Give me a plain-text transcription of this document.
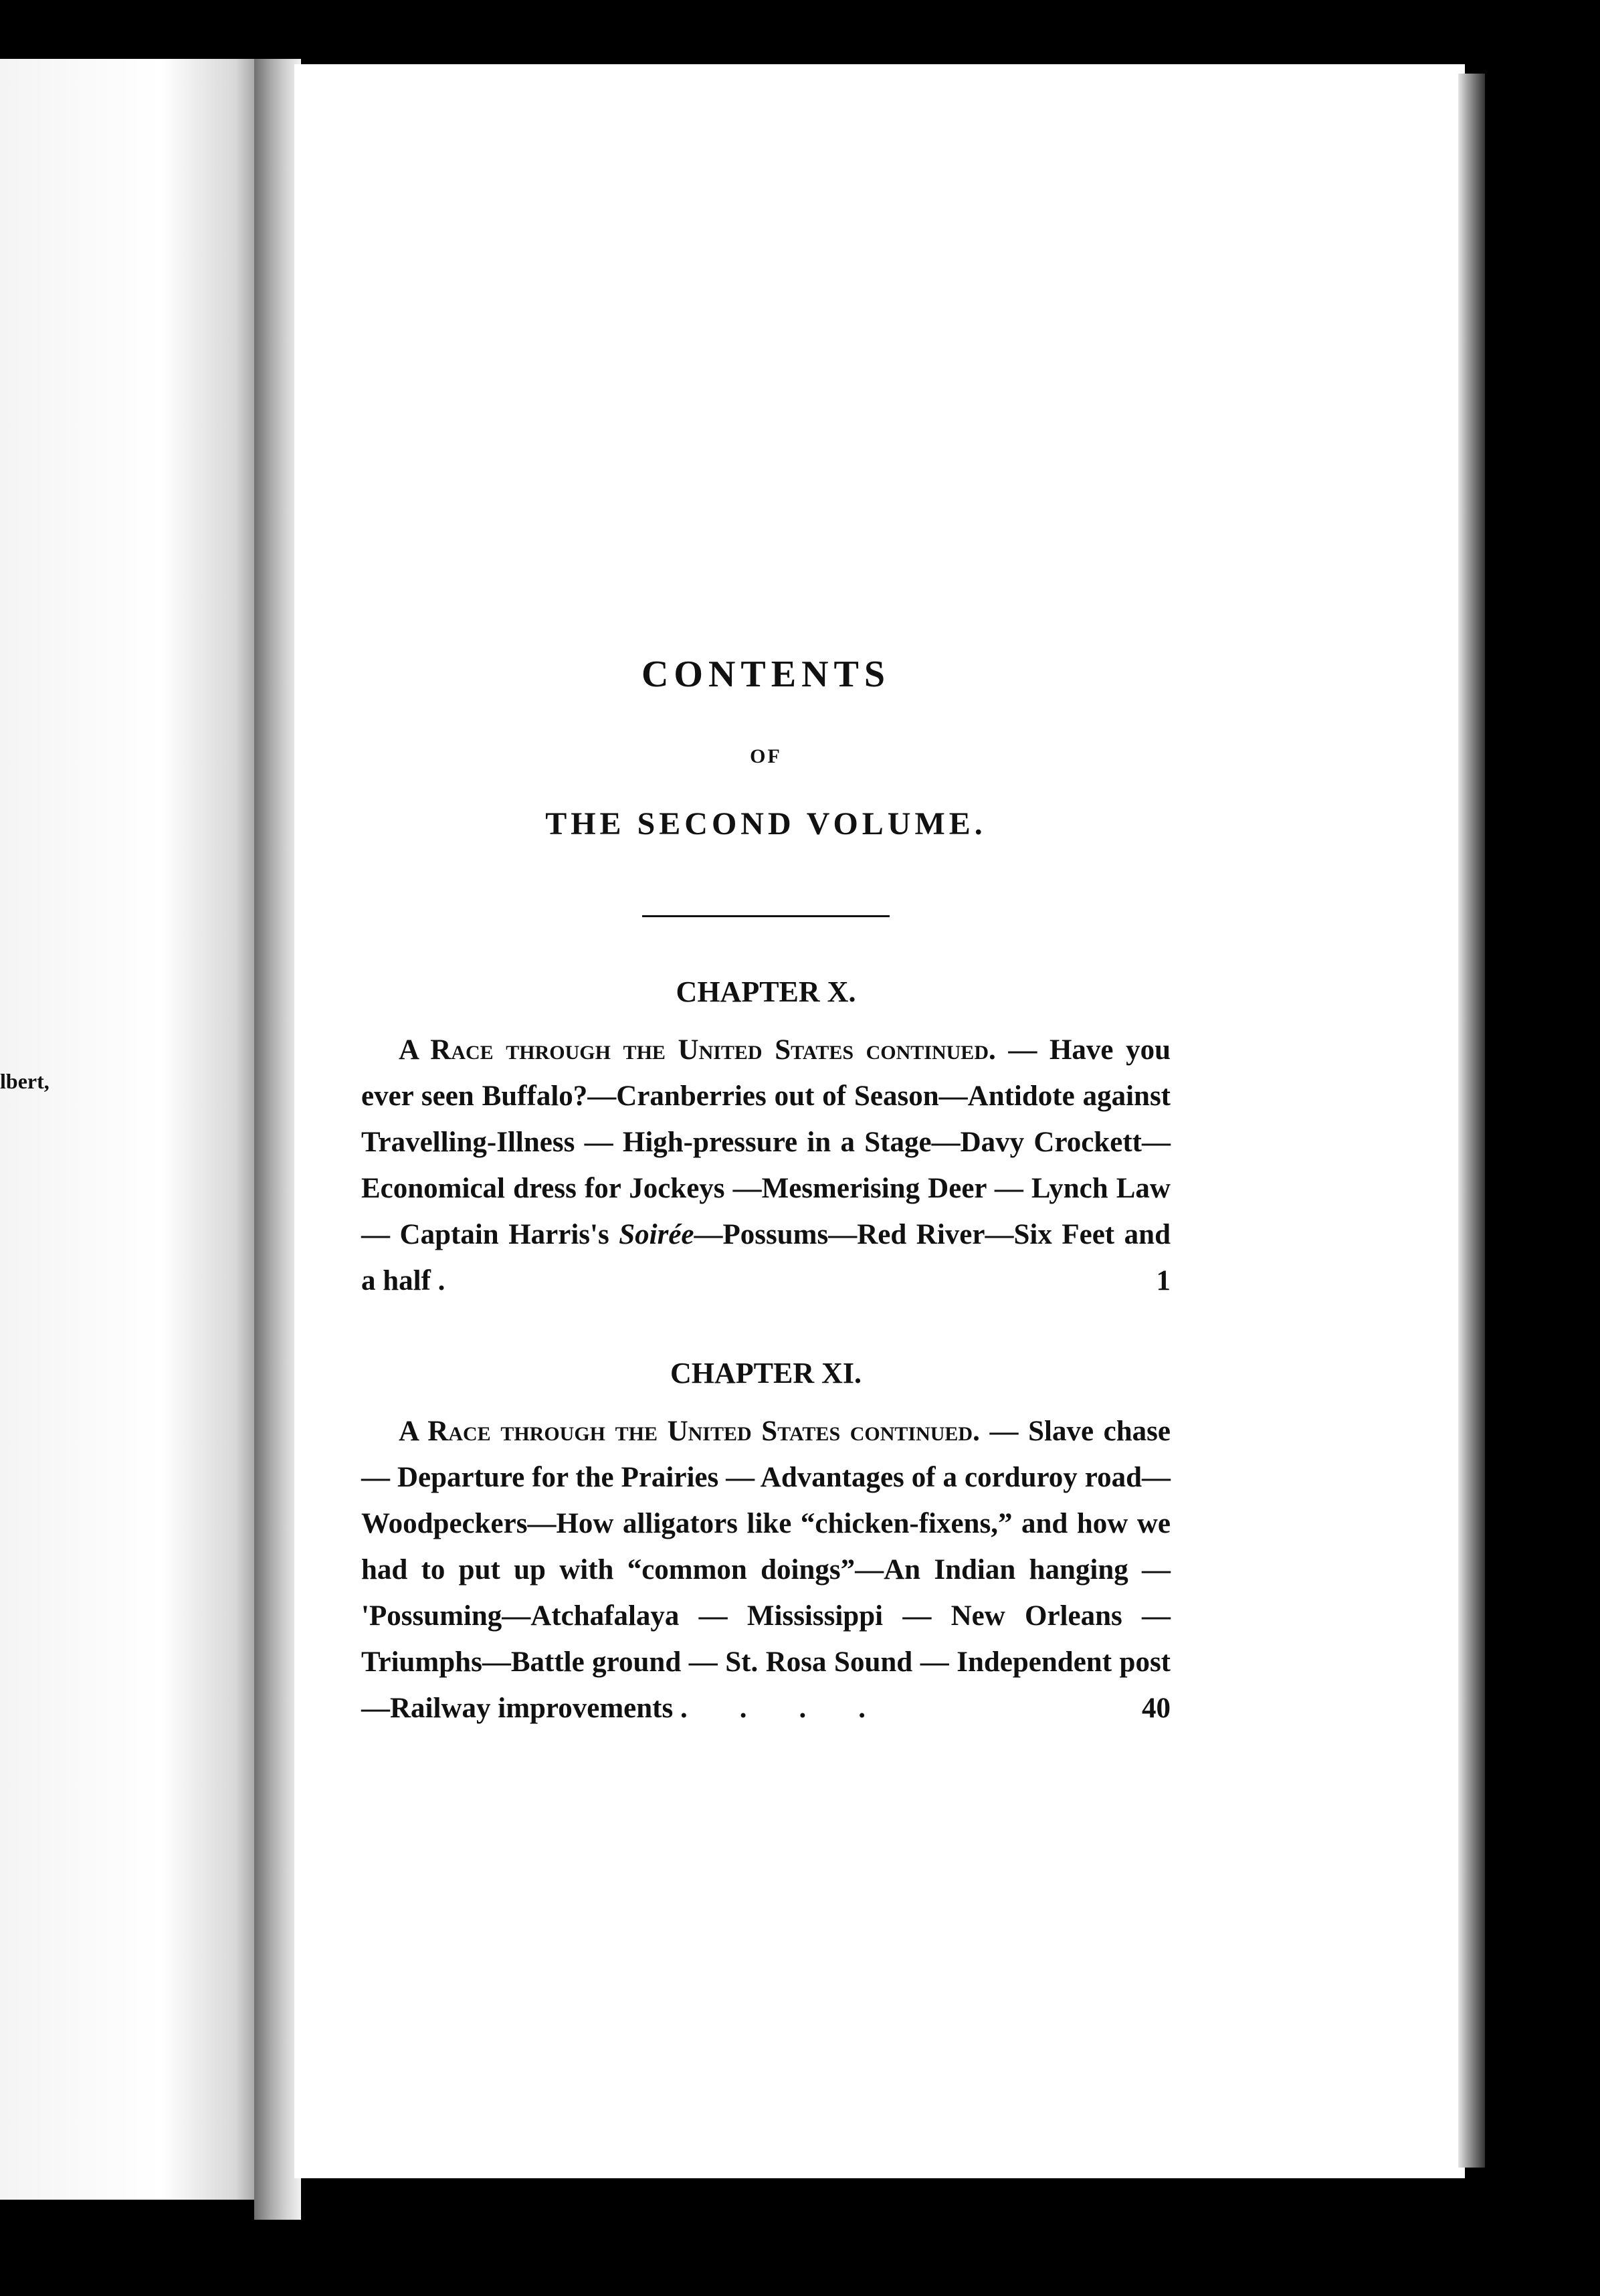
lbert,
CONTENTS
OF
THE SECOND VOLUME.
CHAPTER X.
A Race through the United States continued. — Have you ever seen Buffalo?—Cranberries out of Season—Antidote against Travelling-Illness — High-pressure in a Stage—Davy Crockett—Economical dress for Jockeys —Mesmerising Deer — Lynch Law — Captain Harris's Soirée—Possums—Red River—Six Feet and a half .	1
CHAPTER XI.
A Race through the United States continued. — Slave chase — Departure for the Prairies — Advantages of a corduroy road—Woodpeckers—How alligators like “chicken-fixens,” and how we had to put up with “common doings”—An Indian hanging — 'Possuming—Atchafalaya — Mississippi — New Orleans — Triumphs—Battle ground — St. Rosa Sound — Independent post—Railway improvements ....	40
